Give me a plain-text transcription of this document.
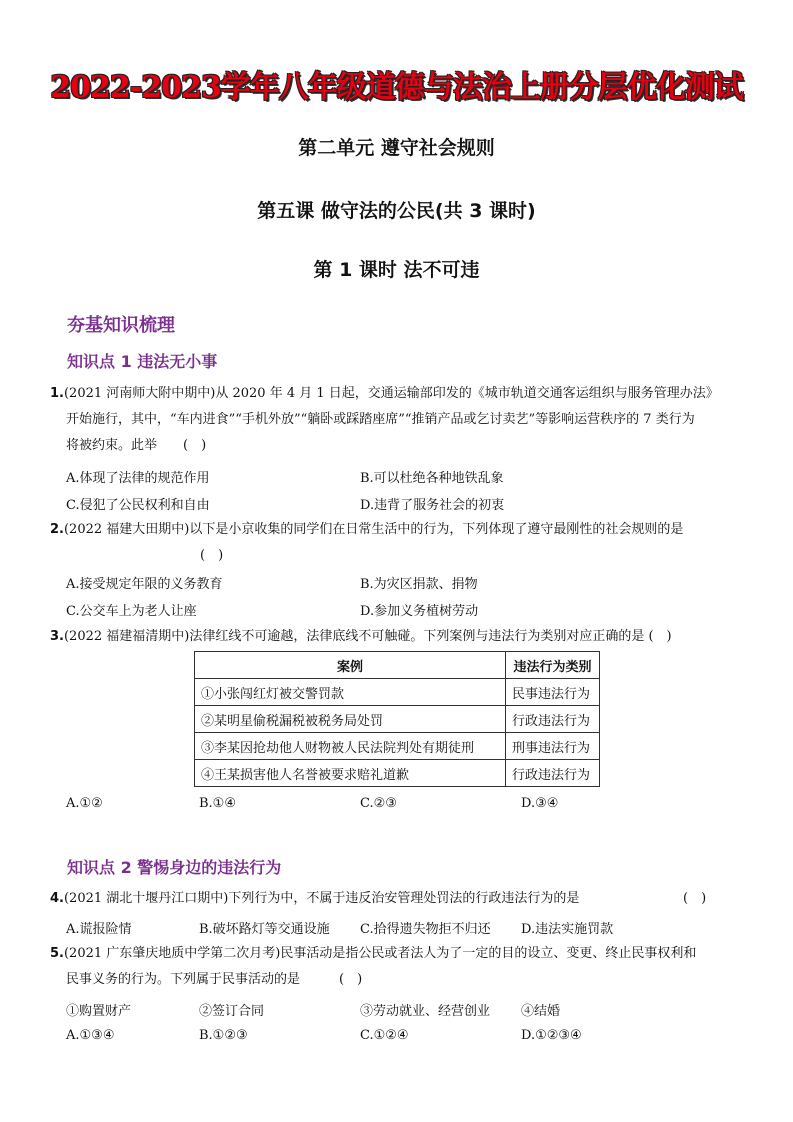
2022-2023学年八年级道德与法治上册分层优化测试
第二单元 遵守社会规则
第五课 做守法的公民(共 3 课时)
第 1 课时 法不可违
夯基知识梳理
知识点 1 违法无小事
1.(2021 河南师大附中期中)从 2020 年 4 月 1 日起，交通运输部印发的《城市轨道交通客运组织与服务管理办法》
开始施行，其中，“车内进食”“手机外放”“躺卧或踩踏座席”“推销产品或乞讨卖艺”等影响运营秩序的 7 类行为
将被约束。此举　　(　)
A.体现了法律的规范作用	B.可以杜绝各种地铁乱象
C.侵犯了公民权利和自由	D.违背了服务社会的初衷
2.(2022 福建大田期中)以下是小京收集的同学们在日常生活中的行为，下列体现了遵守最刚性的社会规则的是
(　)
A.接受规定年限的义务教育	B.为灾区捐款、捐物
C.公交车上为老人让座	D.参加义务植树劳动
3.(2022 福建福清期中)法律红线不可逾越，法律底线不可触碰。下列案例与违法行为类别对应正确的是 (　)
案例	违法行为类别
①小张闯红灯被交警罚款	民事违法行为
②某明星偷税漏税被税务局处罚	行政违法行为
③李某因抢劫他人财物被人民法院判处有期徒刑	刑事违法行为
④王某损害他人名誉被要求赔礼道歉	行政违法行为
A.①②	B.①④	C.②③	D.③④
知识点 2 警惕身边的违法行为
4.(2021 湖北十堰丹江口期中)下列行为中，不属于违反治安管理处罚法的行政违法行为的是	(　)
A.谎报险情	B.破坏路灯等交通设施 C.拾得遗失物拒不归还 D.违法实施罚款
5.(2021 广东肇庆地质中学第二次月考)民事活动是指公民或者法人为了一定的目的设立、变更、终止民事权利和
民事义务的行为。下列属于民事活动的是　　　(　)
①购置财产	②签订合同	③劳动就业、经营创业 ④结婚
A.①③④	B.①②③	C.①②④	D.①②③④
